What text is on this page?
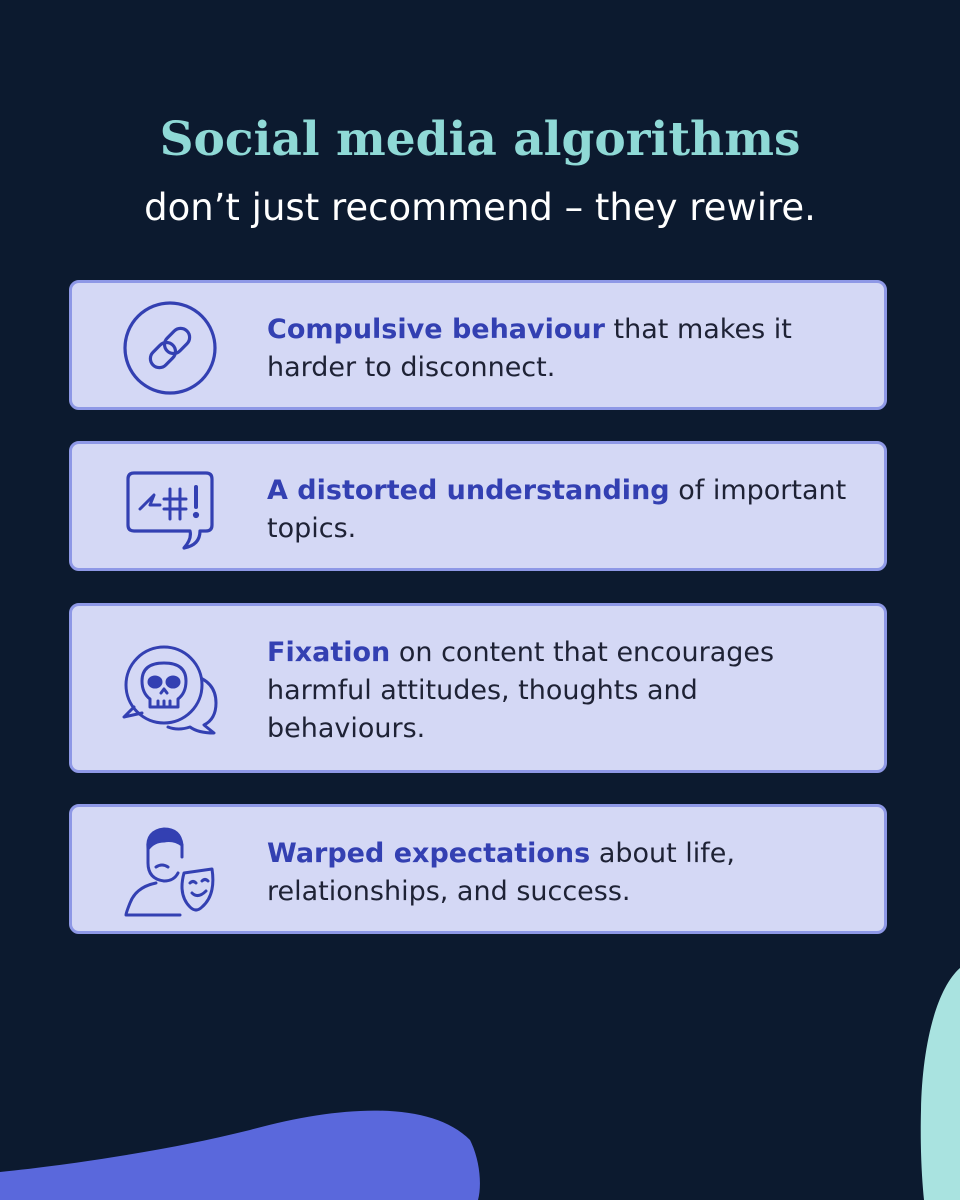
Social media algorithms

don’t just recommend – they rewire.

Compulsive behaviour that makes it harder to disconnect.
A distorted understanding of important topics.
Fixation on content that encourages harmful attitudes, thoughts and behaviours.
Warped expectations about life, relationships, and success.
